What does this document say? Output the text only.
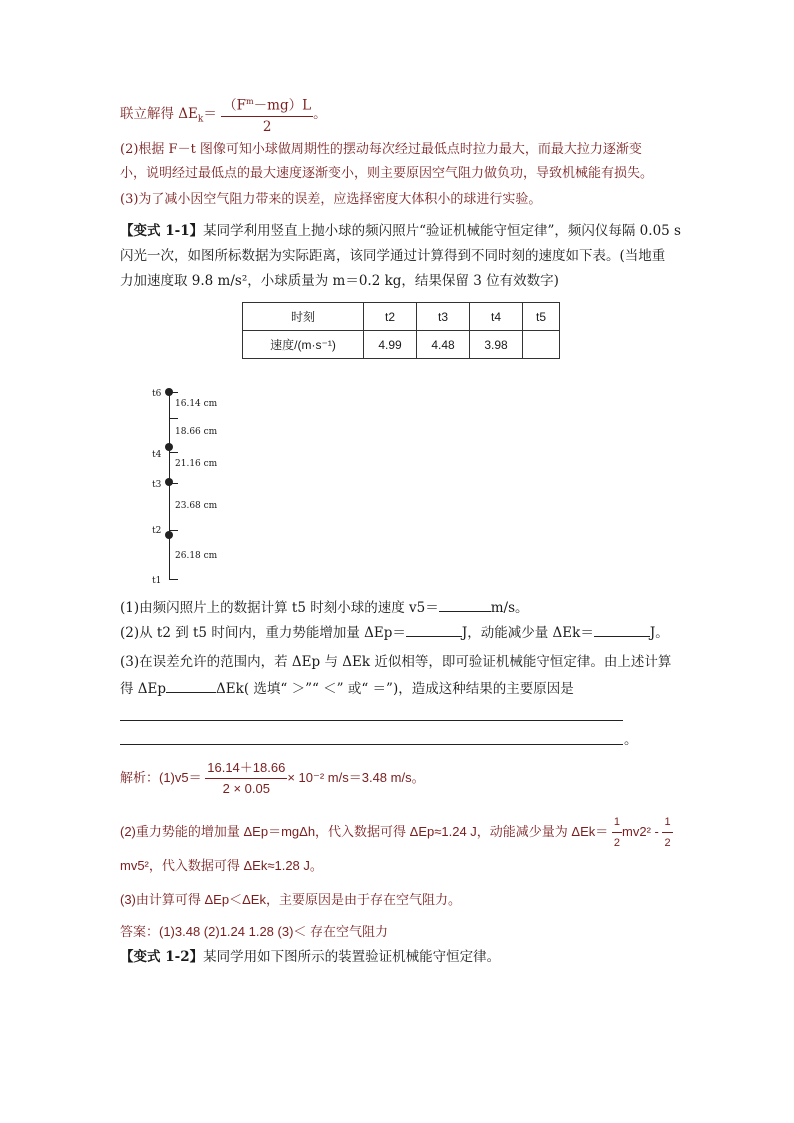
联立解得 $\Delta E_k= \frac{(F^m-mg)L}{2}$ 。
(2)根据 F－t 图像可知小球做周期性的摆动每次经过最低点时拉力最大，而最大拉力逐渐变
小，说明经过最低点的最大速度逐渐变小，则主要原因空气阻力做负功，导致机械能有损失。
(3)为了减小因空气阻力带来的误差，应选择密度大体积小的球进行实验。
【变式 1-1】某同学利用竖直上抛小球的频闪照片“验证机械能守恒定律”，频闪仪每隔 0.05 s
闪光一次，如图所标数据为实际距离，该同学通过计算得到不同时刻的速度如下表。(当地重
力加速度取 9.8 m/s²，小球质量为 m＝0.2 kg，结果保留 3 位有效数字)
时刻	t2	t3	t4	t5
速度/(m·s⁻¹)	4.99	4.48	3.98	
t6
t4
t3
t2
t1
16.14 cm
18.66 cm
21.16 cm
23.68 cm
26.18 cm
(1)由频闪照片上的数据计算 t5 时刻小球的速度 v5＝	m/s。
(2)从 t2 到 t5 时间内，重力势能增加量 ΔEp＝	J，动能减少量 ΔEk＝	J。
(3)在误差允许的范围内，若 ΔEp 与 ΔEk 近似相等，即可验证机械能守恒定律。由上述计算
得 ΔEp	ΔEk( 选填“ ＞”“ ＜” 或“ ＝”)，造成这种结果的主要原因是
。
解析：$(1)v5= \frac{16.14+18.66}{2 \times 0.05} \times 10^{-2}$ m/s＝3.48 m/s。
(2)重力势能的增加量 ΔEp＝mgΔh，代入数据可得 ΔEp≈1.24 J，动能减少量为 $\Delta Ek= \frac{1}{2} mv2^2 - \frac{1}{2}$
mv5²，代入数据可得 ΔEk≈1.28 J。
(3)由计算可得 ΔEp＜ΔEk，主要原因是由于存在空气阻力。
答案：(1)3.48 (2)1.24 1.28 (3)＜ 存在空气阻力
【变式 1-2】某同学用如下图所示的装置验证机械能守恒定律。
